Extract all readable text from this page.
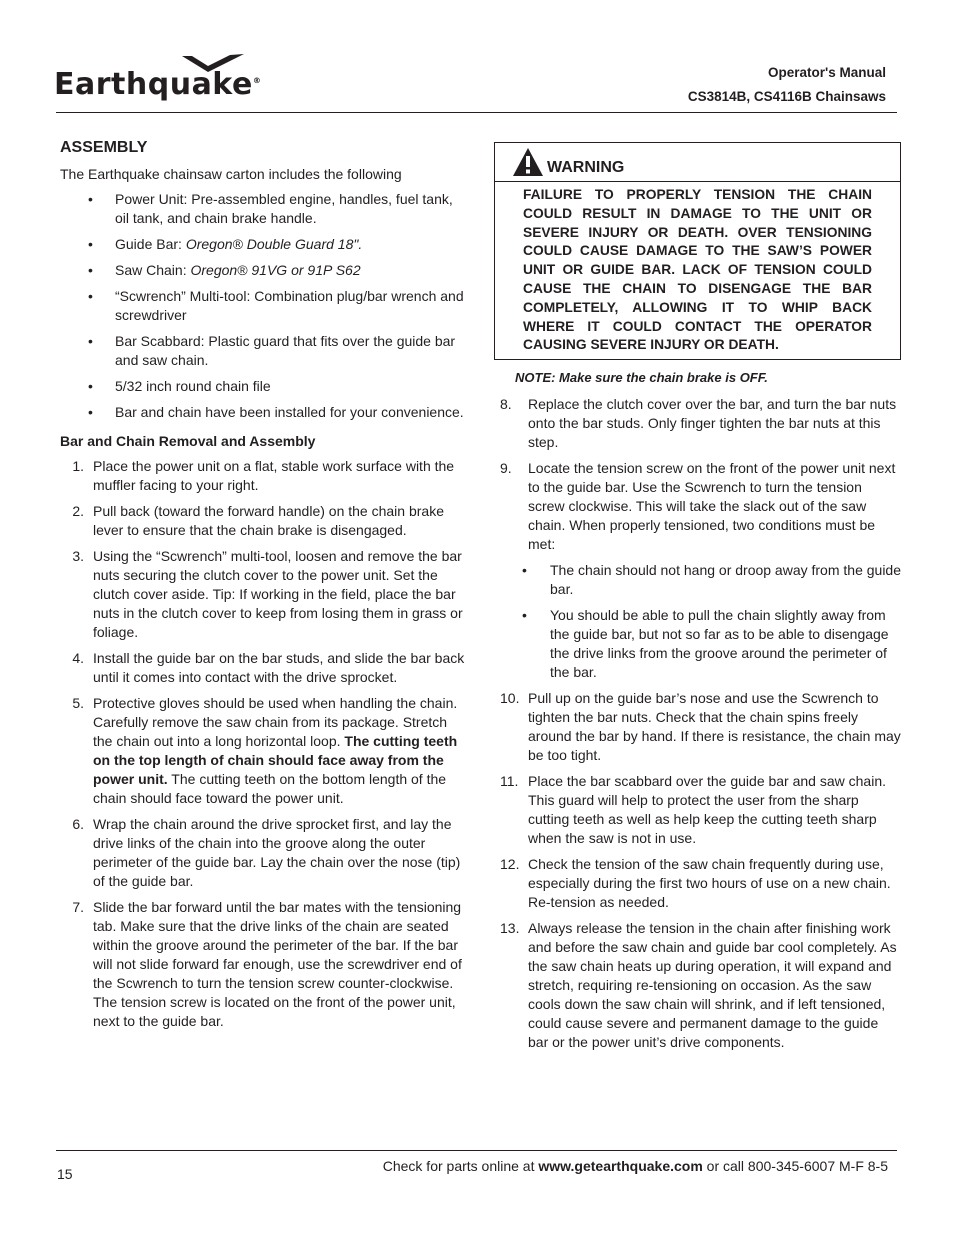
Earthquake®
Operator's Manual
CS3814B, CS4116B Chainsaws
ASSEMBLY

The Earthquake chainsaw carton includes the following

• Power Unit: Pre-assembled engine, handles, fuel tank, oil tank, and chain brake handle.
• Guide Bar: Oregon® Double Guard 18".
• Saw Chain: Oregon® 91VG or 91P S62
• “Scwrench” Multi-tool: Combination plug/bar wrench and screwdriver
• Bar Scabbard: Plastic guard that fits over the guide bar and saw chain.
• 5/32 inch round chain file
• Bar and chain have been installed for your convenience.
Bar and Chain Removal and Assembly
1. Place the power unit on a flat, stable work surface with the muffler facing to your right.
2. Pull back (toward the forward handle) on the chain brake lever to ensure that the chain brake is disengaged.
3. Using the “Scwrench” multi-tool, loosen and remove the bar nuts securing the clutch cover to the power unit. Set the clutch cover aside. Tip: If working in the field, place the bar nuts in the clutch cover to keep from losing them in grass or foliage.
4. Install the guide bar on the bar studs, and slide the bar back until it comes into contact with the drive sprocket.
5. Protective gloves should be used when handling the chain. Carefully remove the saw chain from its package. Stretch the chain out into a long horizontal loop. The cutting teeth on the top length of chain should face away from the power unit. The cutting teeth on the bottom length of the chain should face toward the power unit.
6. Wrap the chain around the drive sprocket first, and lay the drive links of the chain into the groove along the outer perimeter of the guide bar. Lay the chain over the nose (tip) of the guide bar.
7. Slide the bar forward until the bar mates with the tensioning tab. Make sure that the drive links of the chain are seated within the groove around the perimeter of the bar. If the bar will not slide forward far enough, use the screwdriver end of the Scwrench to turn the tension screw counter-clockwise. The tension screw is located on the front of the power unit, next to the guide bar.
WARNING
FAILURE TO PROPERLY TENSION THE CHAIN COULD RESULT IN DAMAGE TO THE UNIT OR SEVERE INJURY OR DEATH. OVER TENSIONING COULD CAUSE DAMAGE TO THE SAW’S POWER UNIT OR GUIDE BAR. LACK OF TENSION COULD CAUSE THE CHAIN TO DISENGAGE THE BAR COMPLETELY, ALLOWING IT TO WHIP BACK WHERE IT COULD CONTACT THE OPERATOR CAUSING SEVERE INJURY OR DEATH.

NOTE: Make sure the chain brake is OFF.

8. Replace the clutch cover over the bar, and turn the bar nuts onto the bar studs. Only finger tighten the bar nuts at this step.
9. Locate the tension screw on the front of the power unit next to the guide bar. Use the Scwrench to turn the tension screw clockwise. This will take the slack out of the saw chain. When properly tensioned, two conditions must be met:
• The chain should not hang or droop away from the guide bar.
• You should be able to pull the chain slightly away from the guide bar, but not so far as to be able to disengage the drive links from the groove around the perimeter of the bar.
10. Pull up on the guide bar’s nose and use the Scwrench to tighten the bar nuts. Check that the chain spins freely around the bar by hand. If there is resistance, the chain may be too tight.
11. Place the bar scabbard over the guide bar and saw chain. This guard will help to protect the user from the sharp cutting teeth as well as help keep the cutting teeth sharp when the saw is not in use.
12. Check the tension of the saw chain frequently during use, especially during the first two hours of use on a new chain. Re-tension as needed.
13. Always release the tension in the chain after finishing work and before the saw chain and guide bar cool completely. As the saw chain heats up during operation, it will expand and stretch, requiring re-tensioning on occasion. As the saw cools down the saw chain will shrink, and if left tensioned, could cause severe and permanent damage to the guide bar or the power unit’s drive components.
15	Check for parts online at www.getearthquake.com or call 800-345-6007 M-F 8-5
